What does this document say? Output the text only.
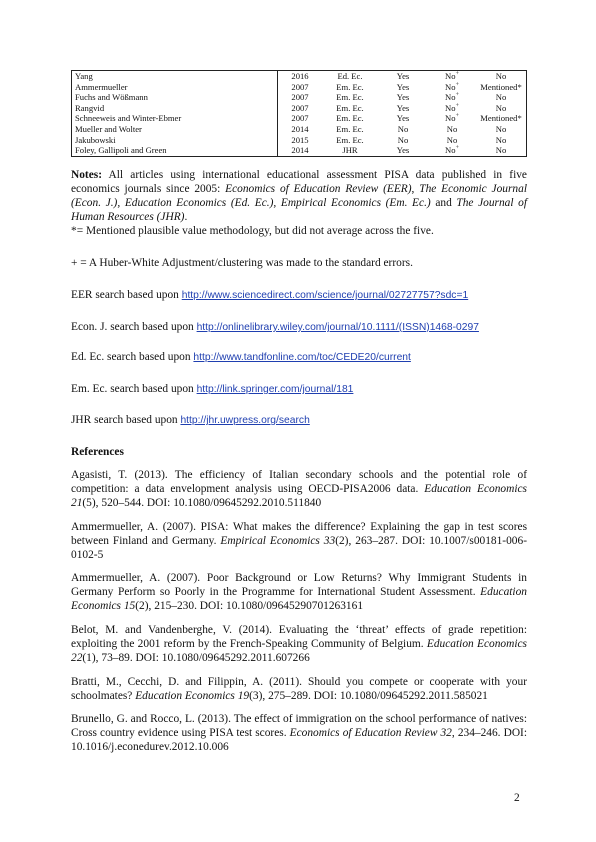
Yang	2016	Ed. Ec.	Yes	No+	No
Ammermueller	2007	Em. Ec.	Yes	No+	Mentioned*
Fuchs and Wößmann	2007	Em. Ec.	Yes	No+	No
Rangvid	2007	Em. Ec.	Yes	No+	No
Schneeweis and Winter-Ebmer	2007	Em. Ec.	Yes	No+	Mentioned*
Mueller and Wolter	2014	Em. Ec.	No	No	No
Jakubowski	2015	Em. Ec.	No	No	No
Foley, Gallipoli and Green	2014	JHR	Yes	No+	No
Notes: All articles using international educational assessment PISA data published in five economics journals since 2005: Economics of Education Review (EER), The Economic Journal (Econ. J.), Education Economics (Ed. Ec.), Empirical Economics (Em. Ec.) and The Journal of Human Resources (JHR).
*= Mentioned plausible value methodology, but did not average across the five.
+ = A Huber-White Adjustment/clustering was made to the standard errors.
EER search based upon http://www.sciencedirect.com/science/journal/02727757?sdc=1
Econ. J. search based upon http://onlinelibrary.wiley.com/journal/10.1111/(ISSN)1468-0297
Ed. Ec. search based upon http://www.tandfonline.com/toc/CEDE20/current
Em. Ec. search based upon http://link.springer.com/journal/181
JHR search based upon http://jhr.uwpress.org/search
References
Agasisti, T. (2013). The efficiency of Italian secondary schools and the potential role of competition: a data envelopment analysis using OECD-PISA2006 data. Education Economics 21(5), 520–544. DOI: 10.1080/09645292.2010.511840
Ammermueller, A. (2007). PISA: What makes the difference? Explaining the gap in test scores between Finland and Germany. Empirical Economics 33(2), 263–287. DOI: 10.1007/s00181-006-0102-5
Ammermueller, A. (2007). Poor Background or Low Returns? Why Immigrant Students in Germany Perform so Poorly in the Programme for International Student Assessment. Education Economics 15(2), 215–230. DOI: 10.1080/09645290701263161
Belot, M. and Vandenberghe, V. (2014). Evaluating the ‘threat’ effects of grade repetition: exploiting the 2001 reform by the French-Speaking Community of Belgium. Education Economics 22(1), 73–89. DOI: 10.1080/09645292.2011.607266
Bratti, M., Cecchi, D. and Filippin, A. (2011). Should you compete or cooperate with your schoolmates? Education Economics 19(3), 275–289. DOI: 10.1080/09645292.2011.585021
Brunello, G. and Rocco, L. (2013). The effect of immigration on the school performance of natives: Cross country evidence using PISA test scores. Economics of Education Review 32, 234–246. DOI: 10.1016/j.econedurev.2012.10.006
2
